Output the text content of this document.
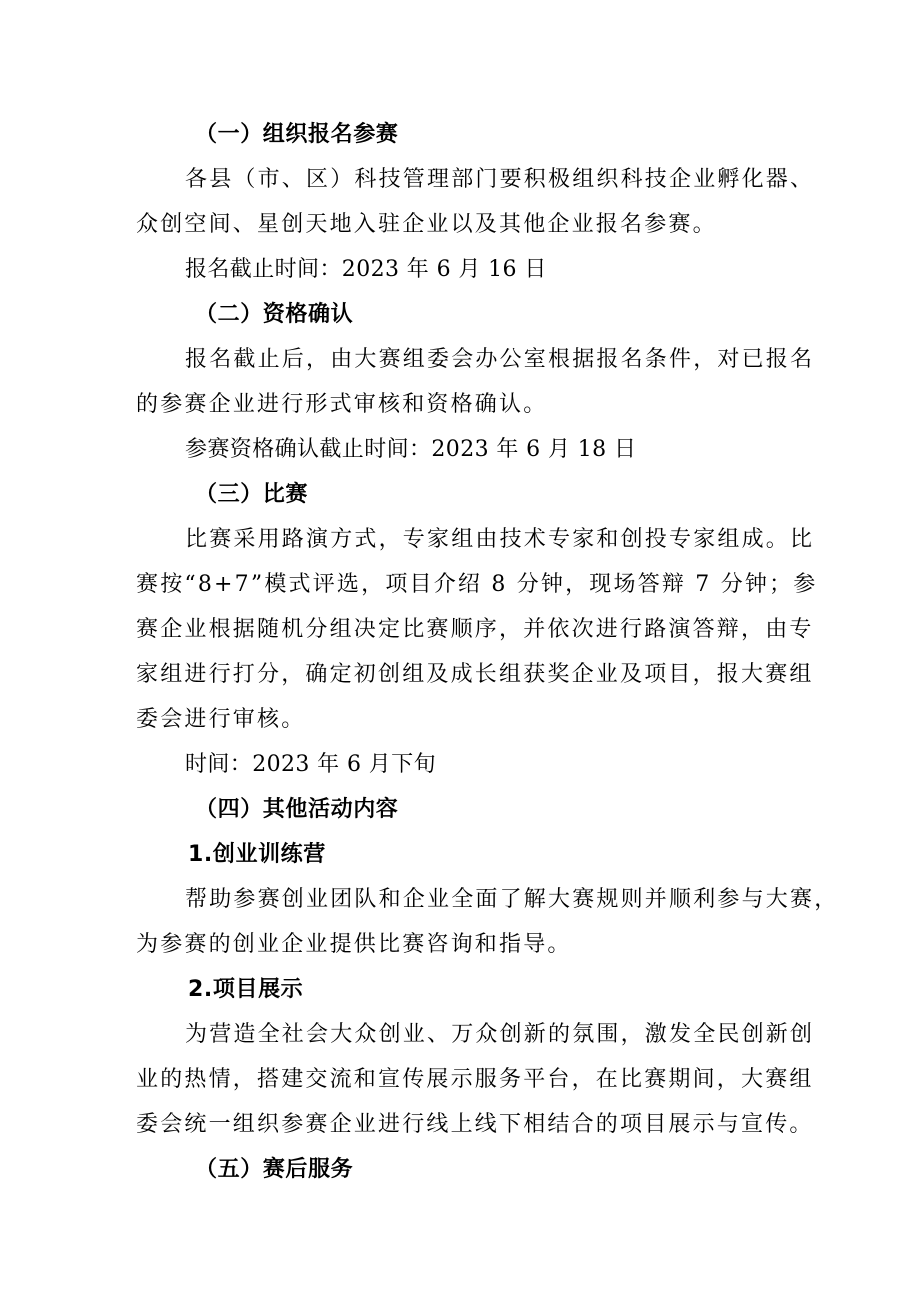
（一）组织报名参赛
各县（市、区）科技管理部门要积极组织科技企业孵化器、
众创空间、星创天地入驻企业以及其他企业报名参赛。
报名截止时间：2023 年 6 月 16 日
（二）资格确认
报名截止后，由大赛组委会办公室根据报名条件，对已报名
的参赛企业进行形式审核和资格确认。
参赛资格确认截止时间：2023 年 6 月 18 日
（三）比赛
比赛采用路演方式，专家组由技术专家和创投专家组成。比
赛按“8+7”模式评选，项目介绍 8 分钟，现场答辩 7 分钟；参
赛企业根据随机分组决定比赛顺序，并依次进行路演答辩，由专
家组进行打分，确定初创组及成长组获奖企业及项目，报大赛组
委会进行审核。
时间：2023 年 6 月下旬
（四）其他活动内容
1.创业训练营
帮助参赛创业团队和企业全面了解大赛规则并顺利参与大赛，
为参赛的创业企业提供比赛咨询和指导。
2.项目展示
为营造全社会大众创业、万众创新的氛围，激发全民创新创
业的热情，搭建交流和宣传展示服务平台，在比赛期间，大赛组
委会统一组织参赛企业进行线上线下相结合的项目展示与宣传。
（五）赛后服务
